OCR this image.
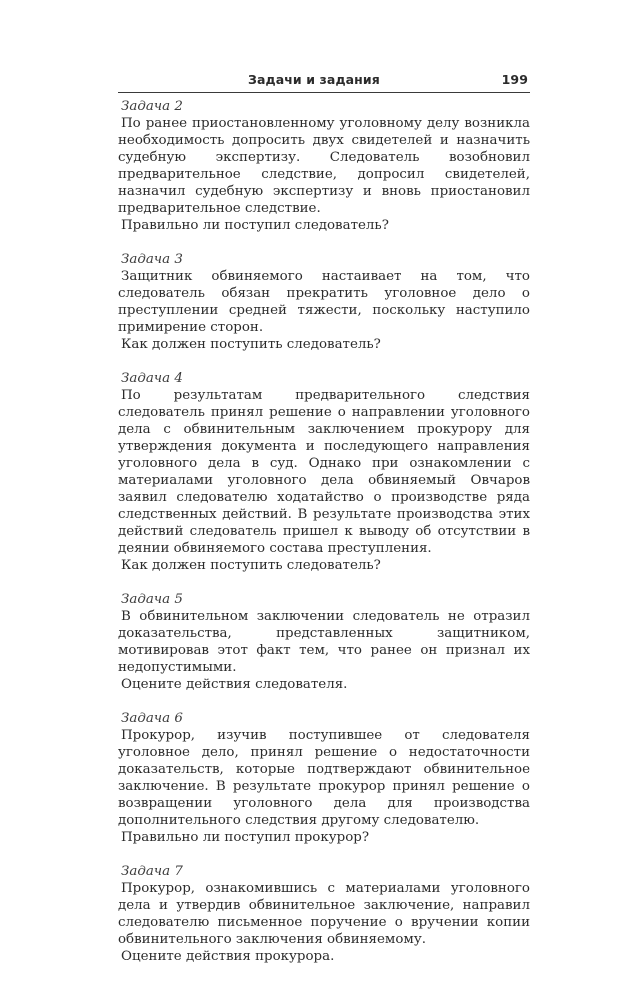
Задачи и задания	199

Задача 2

По ранее приостановленному уголовному делу возникла необходимость допросить двух свидетелей и назначить судебную экспертизу. Следователь возобновил предварительное следствие, допросил свидетелей, назначил судебную экспертизу и вновь приостановил предварительное следствие.

Правильно ли поступил следователь?

Задача 3

Защитник обвиняемого настаивает на том, что следователь обязан прекратить уголовное дело о преступлении средней тяжести, поскольку наступило примирение сторон.

Как должен поступить следователь?

Задача 4

По результатам предварительного следствия следователь принял решение о направлении уголовного дела с обвинительным заключением прокурору для утверждения документа и последующего направления уголовного дела в суд. Однако при ознакомлении с материалами уголовного дела обвиняемый Овчаров заявил следователю ходатайство о производстве ряда следственных действий. В результате производства этих действий следователь пришел к выводу об отсутствии в деянии обвиняемого состава преступления.

Как должен поступить следователь?

Задача 5

В обвинительном заключении следователь не отразил доказательства, представленных защитником, мотивировав этот факт тем, что ранее он признал их недопустимыми.

Оцените действия следователя.

Задача 6

Прокурор, изучив поступившее от следователя уголовное дело, принял решение о недостаточности доказательств, которые подтверждают обвинительное заключение. В результате прокурор принял решение о возвращении уголовного дела для производства дополнительного следствия другому следователю.

Правильно ли поступил прокурор?

Задача 7

Прокурор, ознакомившись с материалами уголовного дела и утвердив обвинительное заключение, направил следователю письменное поручение о вручении копии обвинительного заключения обвиняемому.

Оцените действия прокурора.
